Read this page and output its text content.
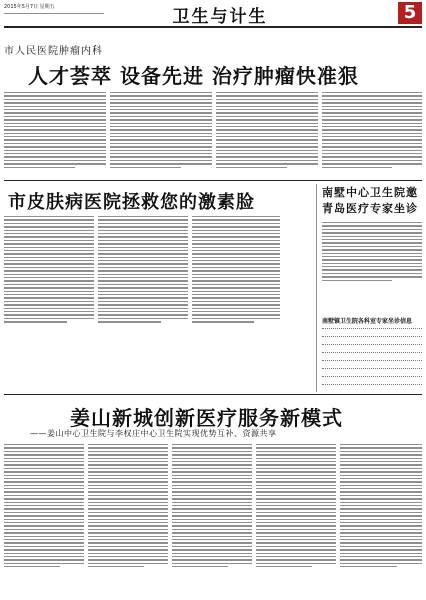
2015年5月7日 星期五	卫生与计生	5
市人民医院肿瘤内科
人才荟萃 设备先进 治疗肿瘤快准狠
市皮肤病医院拯救您的激素脸	南墅中心卫生院邀
青岛医疗专家坐诊
南墅镇卫生院各科室专家坐诊信息
姜山新城创新医疗服务新模式
——姜山中心卫生院与李权庄中心卫生院实现优势互补、资源共享
